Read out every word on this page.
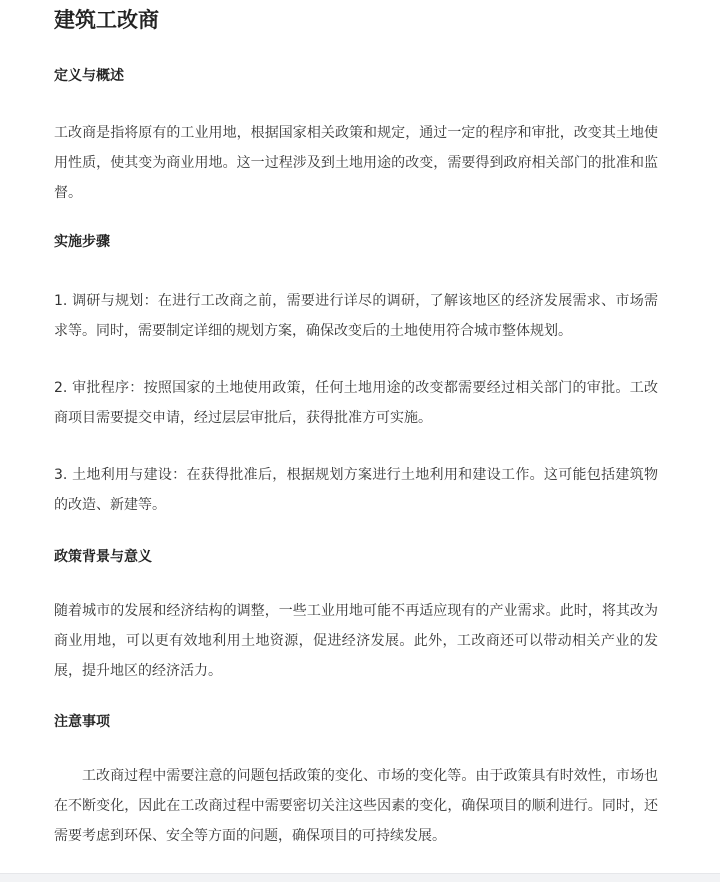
建筑工改商
定义与概述

工改商是指将原有的工业用地，根据国家相关政策和规定，通过一定的程序和审批，改变其土地使用性质，使其变为商业用地。这一过程涉及到土地用途的改变，需要得到政府相关部门的批准和监督。

实施步骤

1. 调研与规划：在进行工改商之前，需要进行详尽的调研，了解该地区的经济发展需求、市场需求等。同时，需要制定详细的规划方案，确保改变后的土地使用符合城市整体规划。

2. 审批程序：按照国家的土地使用政策，任何土地用途的改变都需要经过相关部门的审批。工改商项目需要提交申请，经过层层审批后，获得批准方可实施。

3. 土地利用与建设：在获得批准后，根据规划方案进行土地利用和建设工作。这可能包括建筑物的改造、新建等。

政策背景与意义

随着城市的发展和经济结构的调整，一些工业用地可能不再适应现有的产业需求。此时，将其改为商业用地，可以更有效地利用土地资源，促进经济发展。此外，工改商还可以带动相关产业的发展，提升地区的经济活力。

注意事项

工改商过程中需要注意的问题包括政策的变化、市场的变化等。由于政策具有时效性，市场也在不断变化，因此在工改商过程中需要密切关注这些因素的变化，确保项目的顺利进行。同时，还需要考虑到环保、安全等方面的问题，确保项目的可持续发展。
